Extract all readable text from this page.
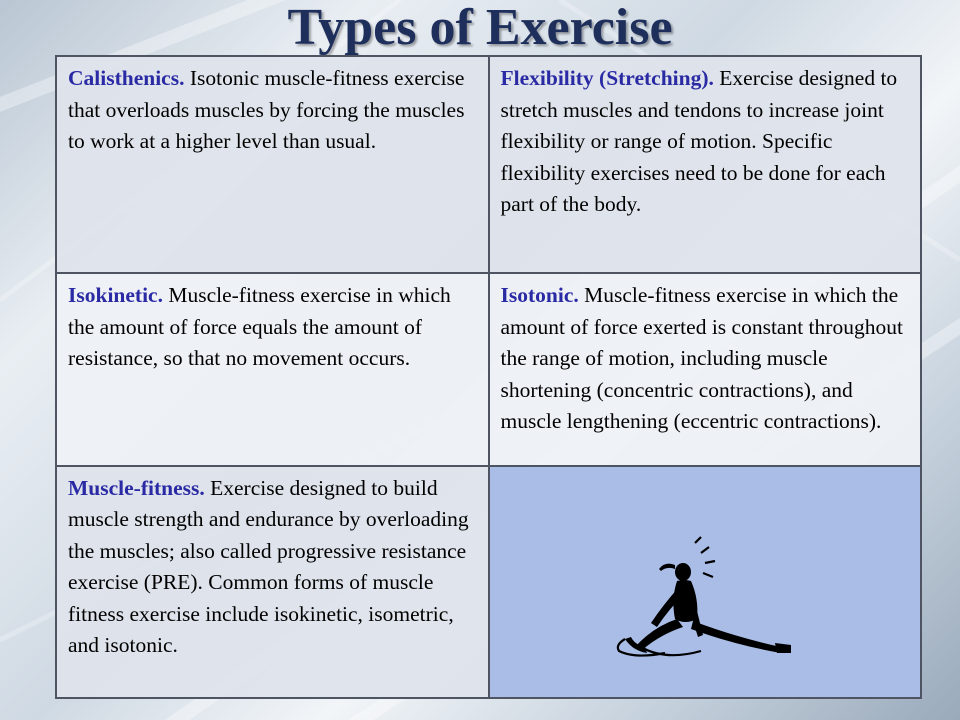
Types of Exercise
Calisthenics. Isotonic muscle-fitness exercise that overloads muscles by forcing the muscles to work at a higher level than usual.	Flexibility (Stretching). Exercise designed to stretch muscles and tendons to increase joint flexibility or range of motion. Specific flexibility exercises need to be done for each part of the body.
Isokinetic. Muscle-fitness exercise in which the amount of force equals the amount of resistance, so that no movement occurs.	Isotonic. Muscle-fitness exercise in which the amount of force exerted is constant throughout the range of motion, including muscle shortening (concentric contractions), and muscle lengthening (eccentric contractions).
Muscle-fitness. Exercise designed to build muscle strength and endurance by overloading the muscles; also called progressive resistance exercise (PRE). Common forms of muscle fitness exercise include isokinetic, isometric, and isotonic.	
